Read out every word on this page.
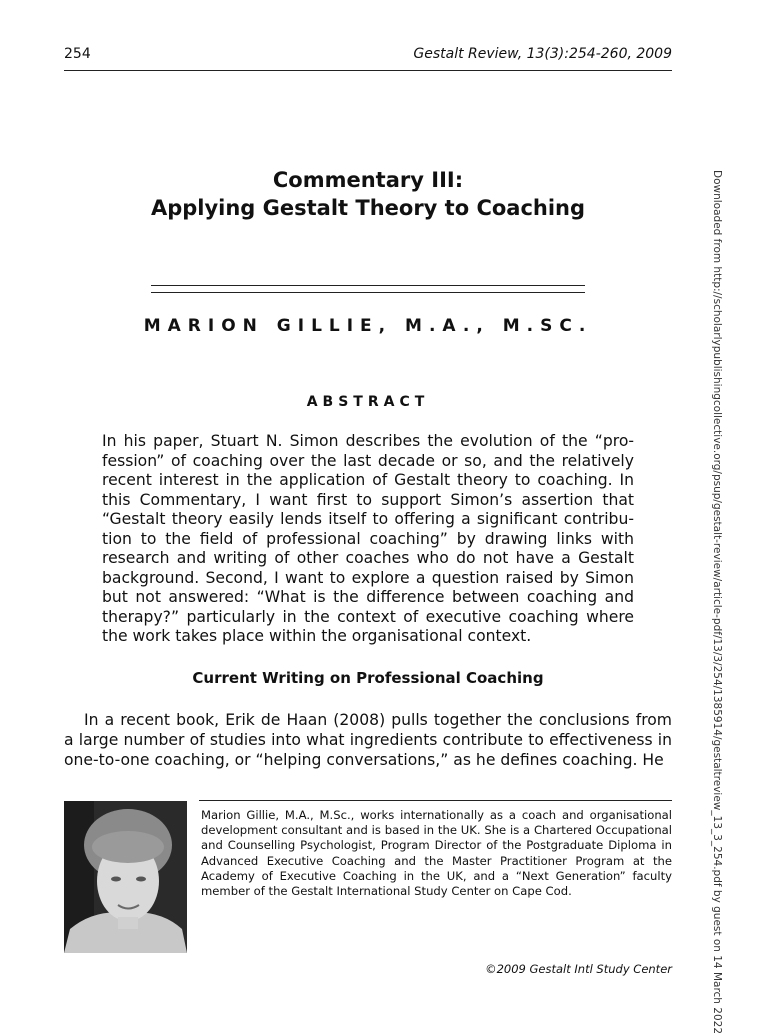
254	Gestalt Review, 13(3):254-260, 2009
Commentary III:
Applying Gestalt Theory to Coaching
MARION GILLIE, M.A., M.SC.
ABSTRACT

In his paper, Stuart N. Simon describes the evolution of the “profession” of coaching over the last decade or so, and the relatively recent interest in the application of Gestalt theory to coaching. In this Commentary, I want first to support Simon’s assertion that “Gestalt theory easily lends itself to offering a significant contribution to the field of professional coaching” by drawing links with research and writing of other coaches who do not have a Gestalt background. Second, I want to explore a question raised by Simon but not answered: “What is the difference between coaching and therapy?” particularly in the context of executive coaching where the work takes place within the organisational context.

Current Writing on Professional Coaching

In a recent book, Erik de Haan (2008) pulls together the conclusions from a large number of studies into what ingredients contribute to effectiveness in one-to-one coaching, or “helping conversations,” as he defines coaching. He

Marion Gillie, M.A., M.Sc., works internationally as a coach and organisational development consultant and is based in the UK. She is a Chartered Occupational and Counselling Psychologist, Program Director of the Postgraduate Diploma in Advanced Executive Coaching and the Master Practitioner Program at the Academy of Executive Coaching in the UK, and a “Next Generation” faculty member of the Gestalt International Study Center on Cape Cod.

©2009 Gestalt Intl Study Center	Downloaded from http://scholarlypublishingcollective.org/psup/gestalt-review/article-pdf/13/3/254/1385914/gestaltreview_13_3_254.pdf by guest on 14 March 2022
